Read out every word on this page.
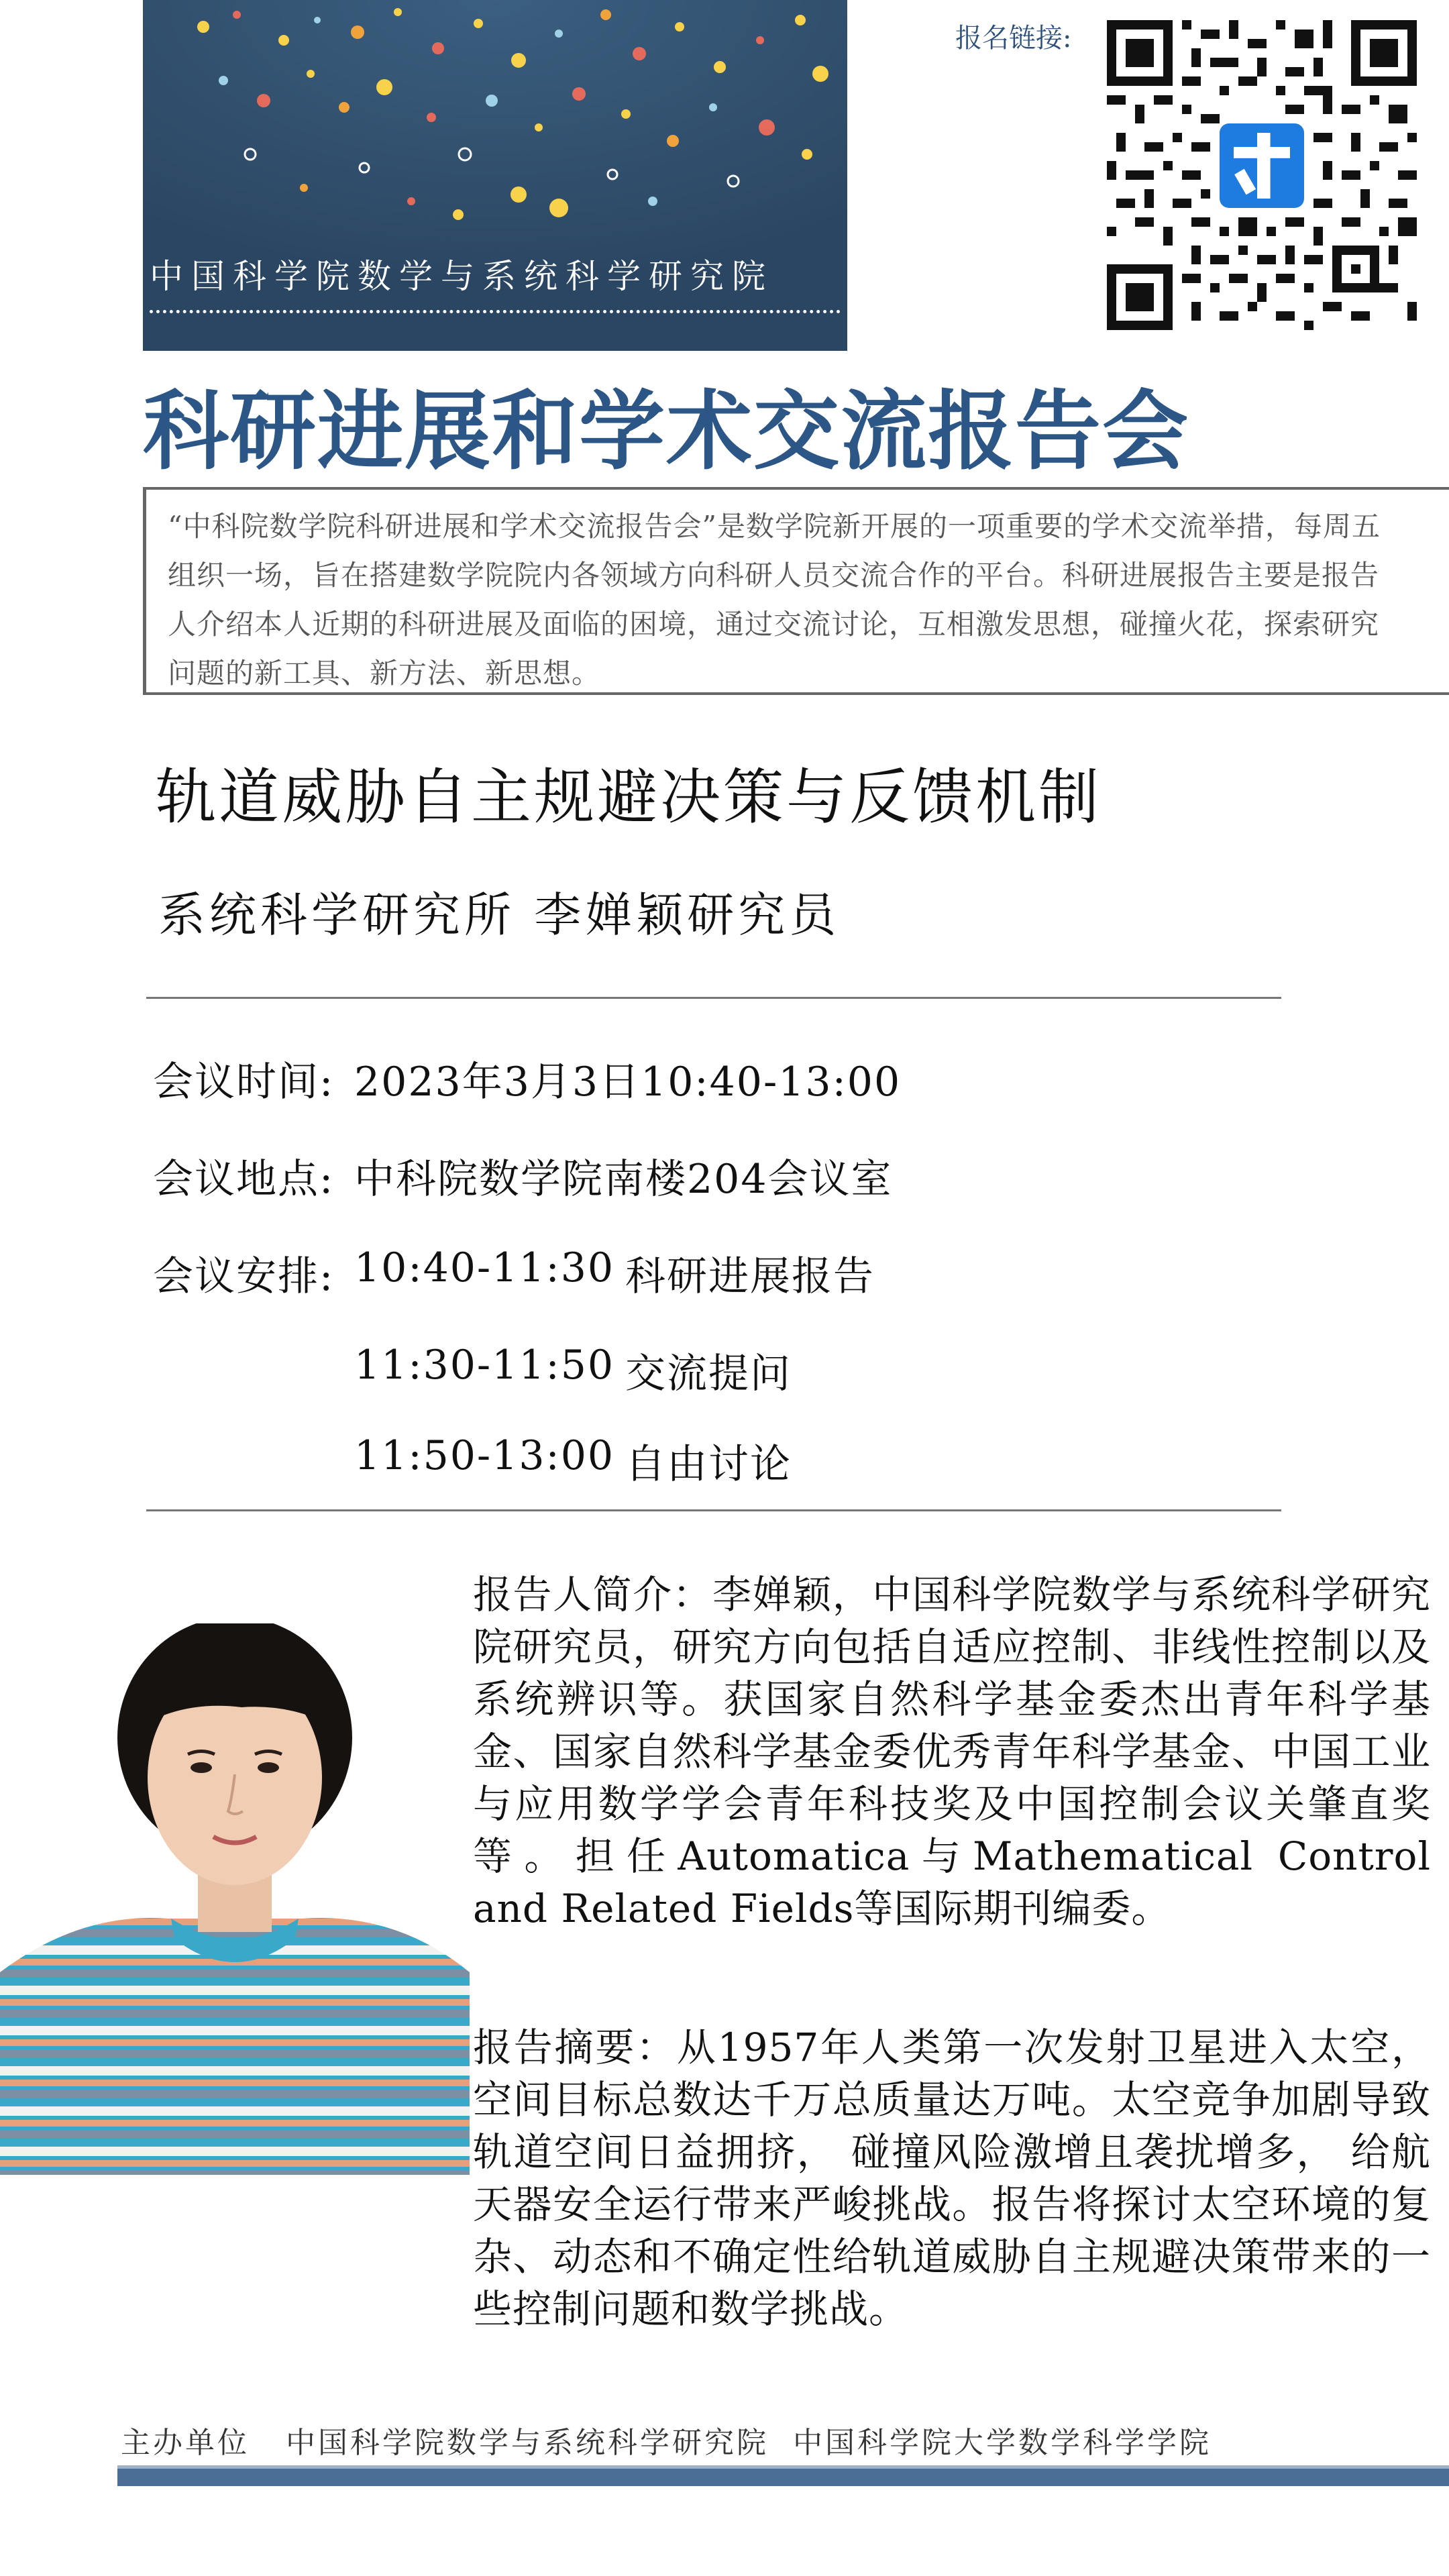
中国科学院数学与系统科学研究院
报名链接:
科研进展和学术交流报告会
“中科院数学院科研进展和学术交流报告会”是数学院新开展的一项重要的学术交流举措，每周五组织一场，旨在搭建数学院院内各领域方向科研人员交流合作的平台。科研进展报告主要是报告人介绍本人近期的科研进展及面临的困境，通过交流讨论，互相激发思想，碰撞火花，探索研究问题的新工具、新方法、新思想。
轨道威胁自主规避决策与反馈机制
系统科学研究所 李婵颖研究员
会议时间: 2023年3月3日10:40-13:00
会议地点: 中科院数学院南楼204会议室
会议安排: 10:40-11:30 科研进展报告
11:30-11:50 交流提问
11:50-13:00 自由讨论
报告人简介：李婵颖，中国科学院数学与系统科学研究院研究员，研究方向包括自适应控制、非线性控制以及系统辨识等。获国家自然科学基金委杰出青年科学基金、国家自然科学基金委优秀青年科学基金、中国工业与应用数学学会青年科技奖及中国控制会议关肇直奖等。担任Automatica与Mathematical Control and Related Fields等国际期刊编委。
报告摘要：从1957年人类第一次发射卫星进入太空，空间目标总数达千万总质量达万吨。太空竞争加剧导致轨道空间日益拥挤， 碰撞风险激增且袭扰增多， 给航天器安全运行带来严峻挑战。报告将探讨太空环境的复杂、动态和不确定性给轨道威胁自主规避决策带来的一些控制问题和数学挑战。
主办单位 中国科学院数学与系统科学研究院 中国科学院大学数学科学学院
